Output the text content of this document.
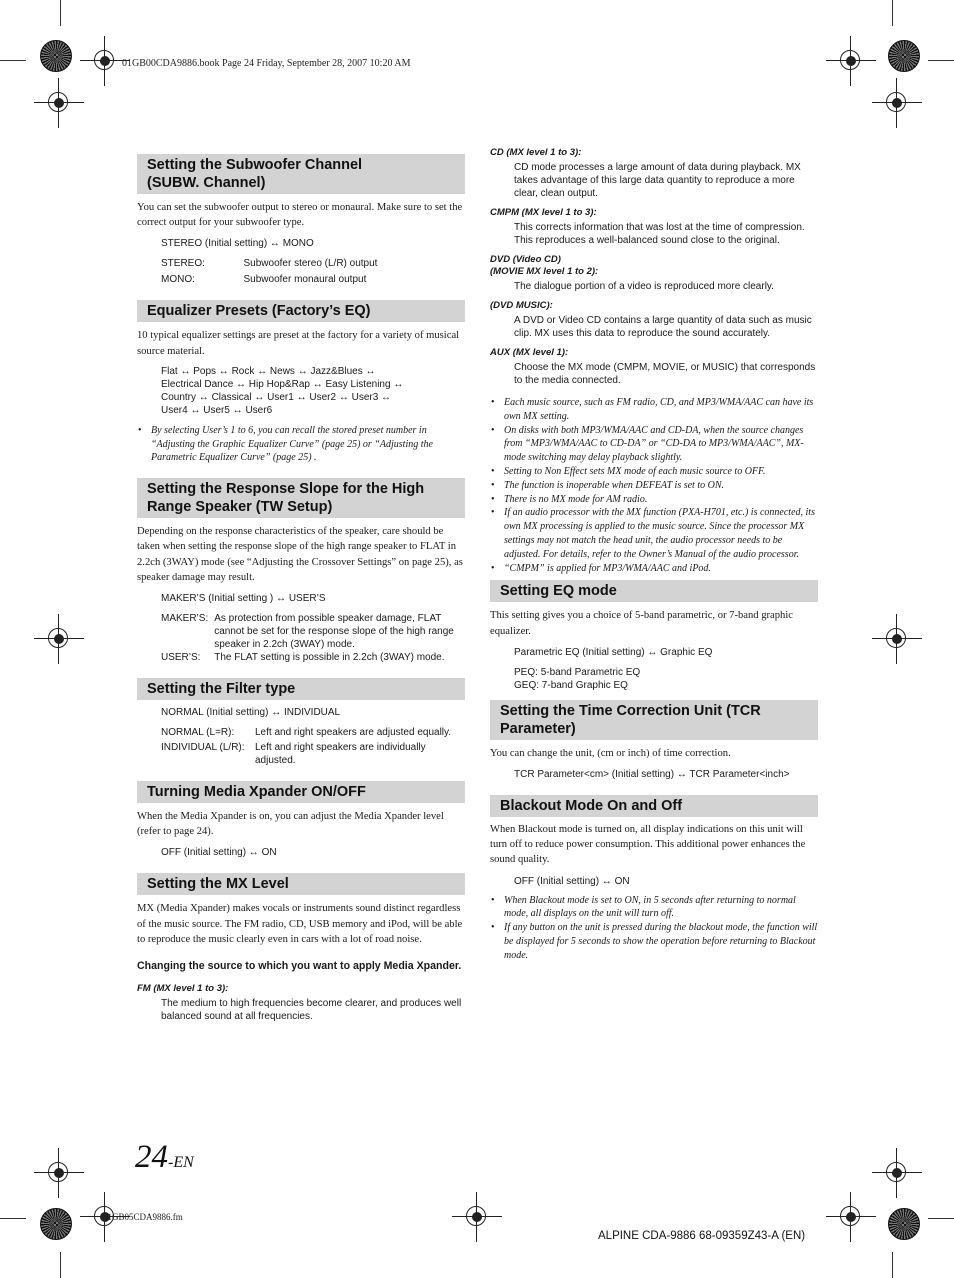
01GB00CDA9886.book Page 24 Friday, September 28, 2007 10:20 AM
Setting the Subwoofer Channel
(SUBW. Channel)

You can set the subwoofer output to stereo or monaural. Make sure to set the correct output for your subwoofer type.

STEREO (Initial setting) ↔ MONO

STEREO:	Subwoofer stereo (L/R) output
MONO:	Subwoofer monaural output
Equalizer Presets (Factory’s EQ)

10 typical equalizer settings are preset at the factory for a variety of musical source material.

Flat ↔ Pops ↔ Rock ↔ News ↔ Jazz&Blues ↔

Electrical Dance ↔ Hip Hop&Rap ↔ Easy Listening ↔

Country ↔ Classical ↔ User1 ↔ User2 ↔ User3 ↔

User4 ↔ User5 ↔ User6

• By selecting User’s 1 to 6, you can recall the stored preset number in “Adjusting the Graphic Equalizer Curve” (page 25) or “Adjusting the Parametric Equalizer Curve” (page 25) .

Setting the Response Slope for the High
Range Speaker (TW Setup)

Depending on the response characteristics of the speaker, care should be taken when setting the response slope of the high range speaker to FLAT in 2.2ch (3WAY) mode (see “Adjusting the Crossover Settings” on page 25), as speaker damage may result.

MAKER’S (Initial setting ) ↔ USER’S

MAKER’S:	As protection from possible speaker damage, FLAT cannot be set for the response slope of the high range speaker in 2.2ch (3WAY) mode.
USER’S:	The FLAT setting is possible in 2.2ch (3WAY) mode.
Setting the Filter type

NORMAL (Initial setting) ↔ INDIVIDUAL

NORMAL (L=R):	Left and right speakers are adjusted equally.
INDIVIDUAL (L/R):	Left and right speakers are individually adjusted.
Turning Media Xpander ON/OFF

When the Media Xpander is on, you can adjust the Media Xpander level (refer to page 24).

OFF (Initial setting) ↔ ON

Setting the MX Level

MX (Media Xpander) makes vocals or instruments sound distinct regardless of the music source. The FM radio, CD, USB memory and iPod, will be able to reproduce the music clearly even in cars with a lot of road noise.

Changing the source to which you want to apply Media Xpander.

FM (MX level 1 to 3):

The medium to high frequencies become clearer, and produces well balanced sound at all frequencies.

CD (MX level 1 to 3):

CD mode processes a large amount of data during playback. MX takes advantage of this large data quantity to reproduce a more clear, clean output.

CMPM (MX level 1 to 3):

This corrects information that was lost at the time of compression. This reproduces a well-balanced sound close to the original.

DVD (Video CD)

(MOVIE MX level 1 to 2):

The dialogue portion of a video is reproduced more clearly.

(DVD MUSIC):

A DVD or Video CD contains a large quantity of data such as music clip. MX uses this data to reproduce the sound accurately.

AUX (MX level 1):

Choose the MX mode (CMPM, MOVIE, or MUSIC) that corresponds to the media connected.

• Each music source, such as FM radio, CD, and MP3/WMA/AAC can have its own MX setting.

• On disks with both MP3/WMA/AAC and CD-DA, when the source changes from “MP3/WMA/AAC to CD-DA” or “CD-DA to MP3/WMA/AAC”, MX-mode switching may delay playback slightly.

• Setting to Non Effect sets MX mode of each music source to OFF.

• The function is inoperable when DEFEAT is set to ON.

• There is no MX mode for AM radio.

• If an audio processor with the MX function (PXA-H701, etc.) is connected, its own MX processing is applied to the music source. Since the processor MX settings may not match the head unit, the audio processor needs to be adjusted. For details, refer to the Owner’s Manual of the audio processor.

• “CMPM” is applied for MP3/WMA/AAC and iPod.

Setting EQ mode

This setting gives you a choice of 5-band parametric, or 7-band graphic equalizer.

Parametric EQ (Initial setting) ↔ Graphic EQ

PEQ: 5-band Parametric EQ

GEQ: 7-band Graphic EQ

Setting the Time Correction Unit (TCR
Parameter)

You can change the unit, (cm or inch) of time correction.

TCR Parameter<cm> (Initial setting) ↔ TCR Parameter<inch>

Blackout Mode On and Off

When Blackout mode is turned on, all display indications on this unit will turn off to reduce power consumption. This additional power enhances the sound quality.

OFF (Initial setting) ↔ ON

• When Blackout mode is set to ON, in 5 seconds after returning to normal mode, all displays on the unit will turn off.

• If any button on the unit is pressed during the blackout mode, the function will be displayed for 5 seconds to show the operation before returning to Blackout mode.

24-EN
01GB05CDA9886.fm
ALPINE CDA-9886 68-09359Z43-A (EN)
